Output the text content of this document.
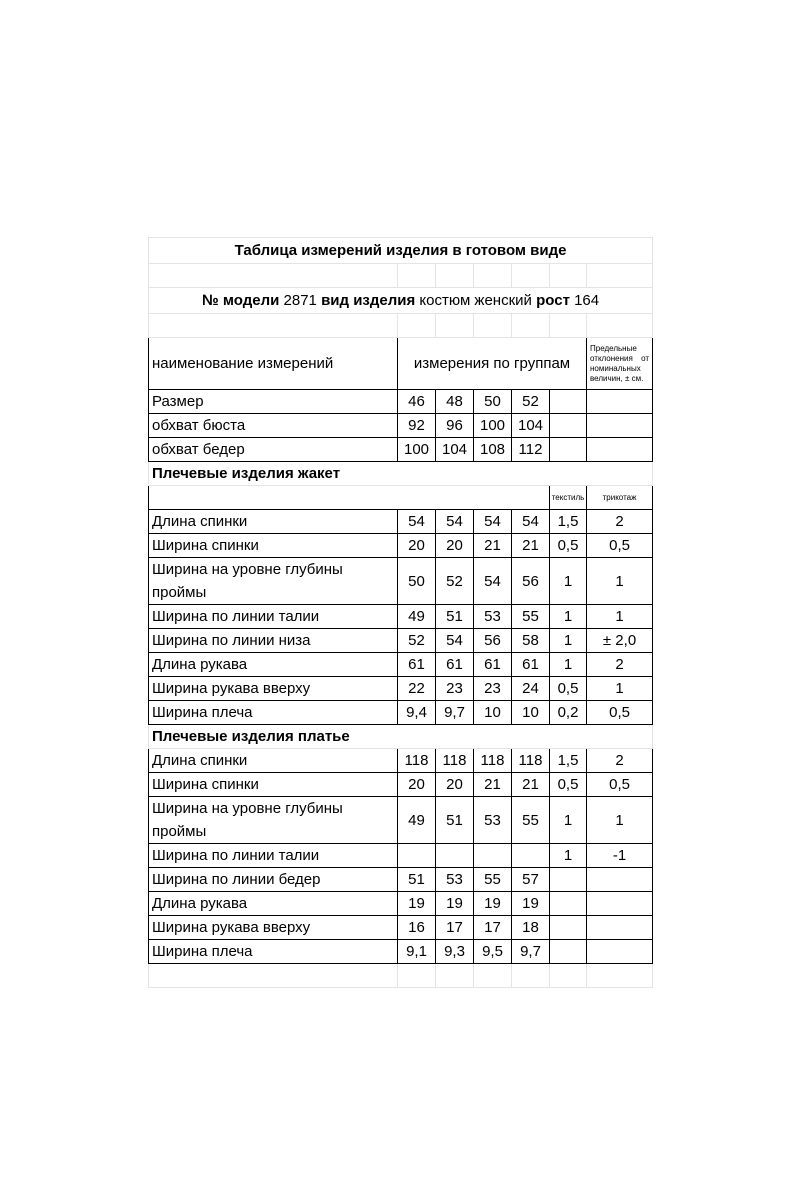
Таблица измерений изделия в готовом виде						

№ модели 2871 вид изделия костюм женский рост 164						

наименование измерений	измерения по группам					Предельные отклонения от номинальных величин, ± см.
Размер	46	48	50	52		
обхват бюста	92	96	100	104		
обхват бедер	100	104	108	112		
Плечевые изделия жакет						
					текстиль	трикотаж
Длина спинки	54	54	54	54	1,5	2
Ширина спинки	20	20	21	21	0,5	0,5
Ширина на уровне глубины проймы	50	52	54	56	1	1
Ширина по линии талии	49	51	53	55	1	1
Ширина по линии низа	52	54	56	58	1	± 2,0
Длина рукава	61	61	61	61	1	2
Ширина рукава вверху	22	23	23	24	0,5	1
Ширина плеча	9,4	9,7	10	10	0,2	0,5
Плечевые изделия платье						
Длина спинки	118	118	118	118	1,5	2
Ширина спинки	20	20	21	21	0,5	0,5
Ширина на уровне глубины проймы	49	51	53	55	1	1
Ширина по линии талии					1	-1
Ширина по линии бедер	51	53	55	57		
Длина рукава	19	19	19	19		
Ширина рукава вверху	16	17	17	18		
Ширина плеча	9,1	9,3	9,5	9,7		
